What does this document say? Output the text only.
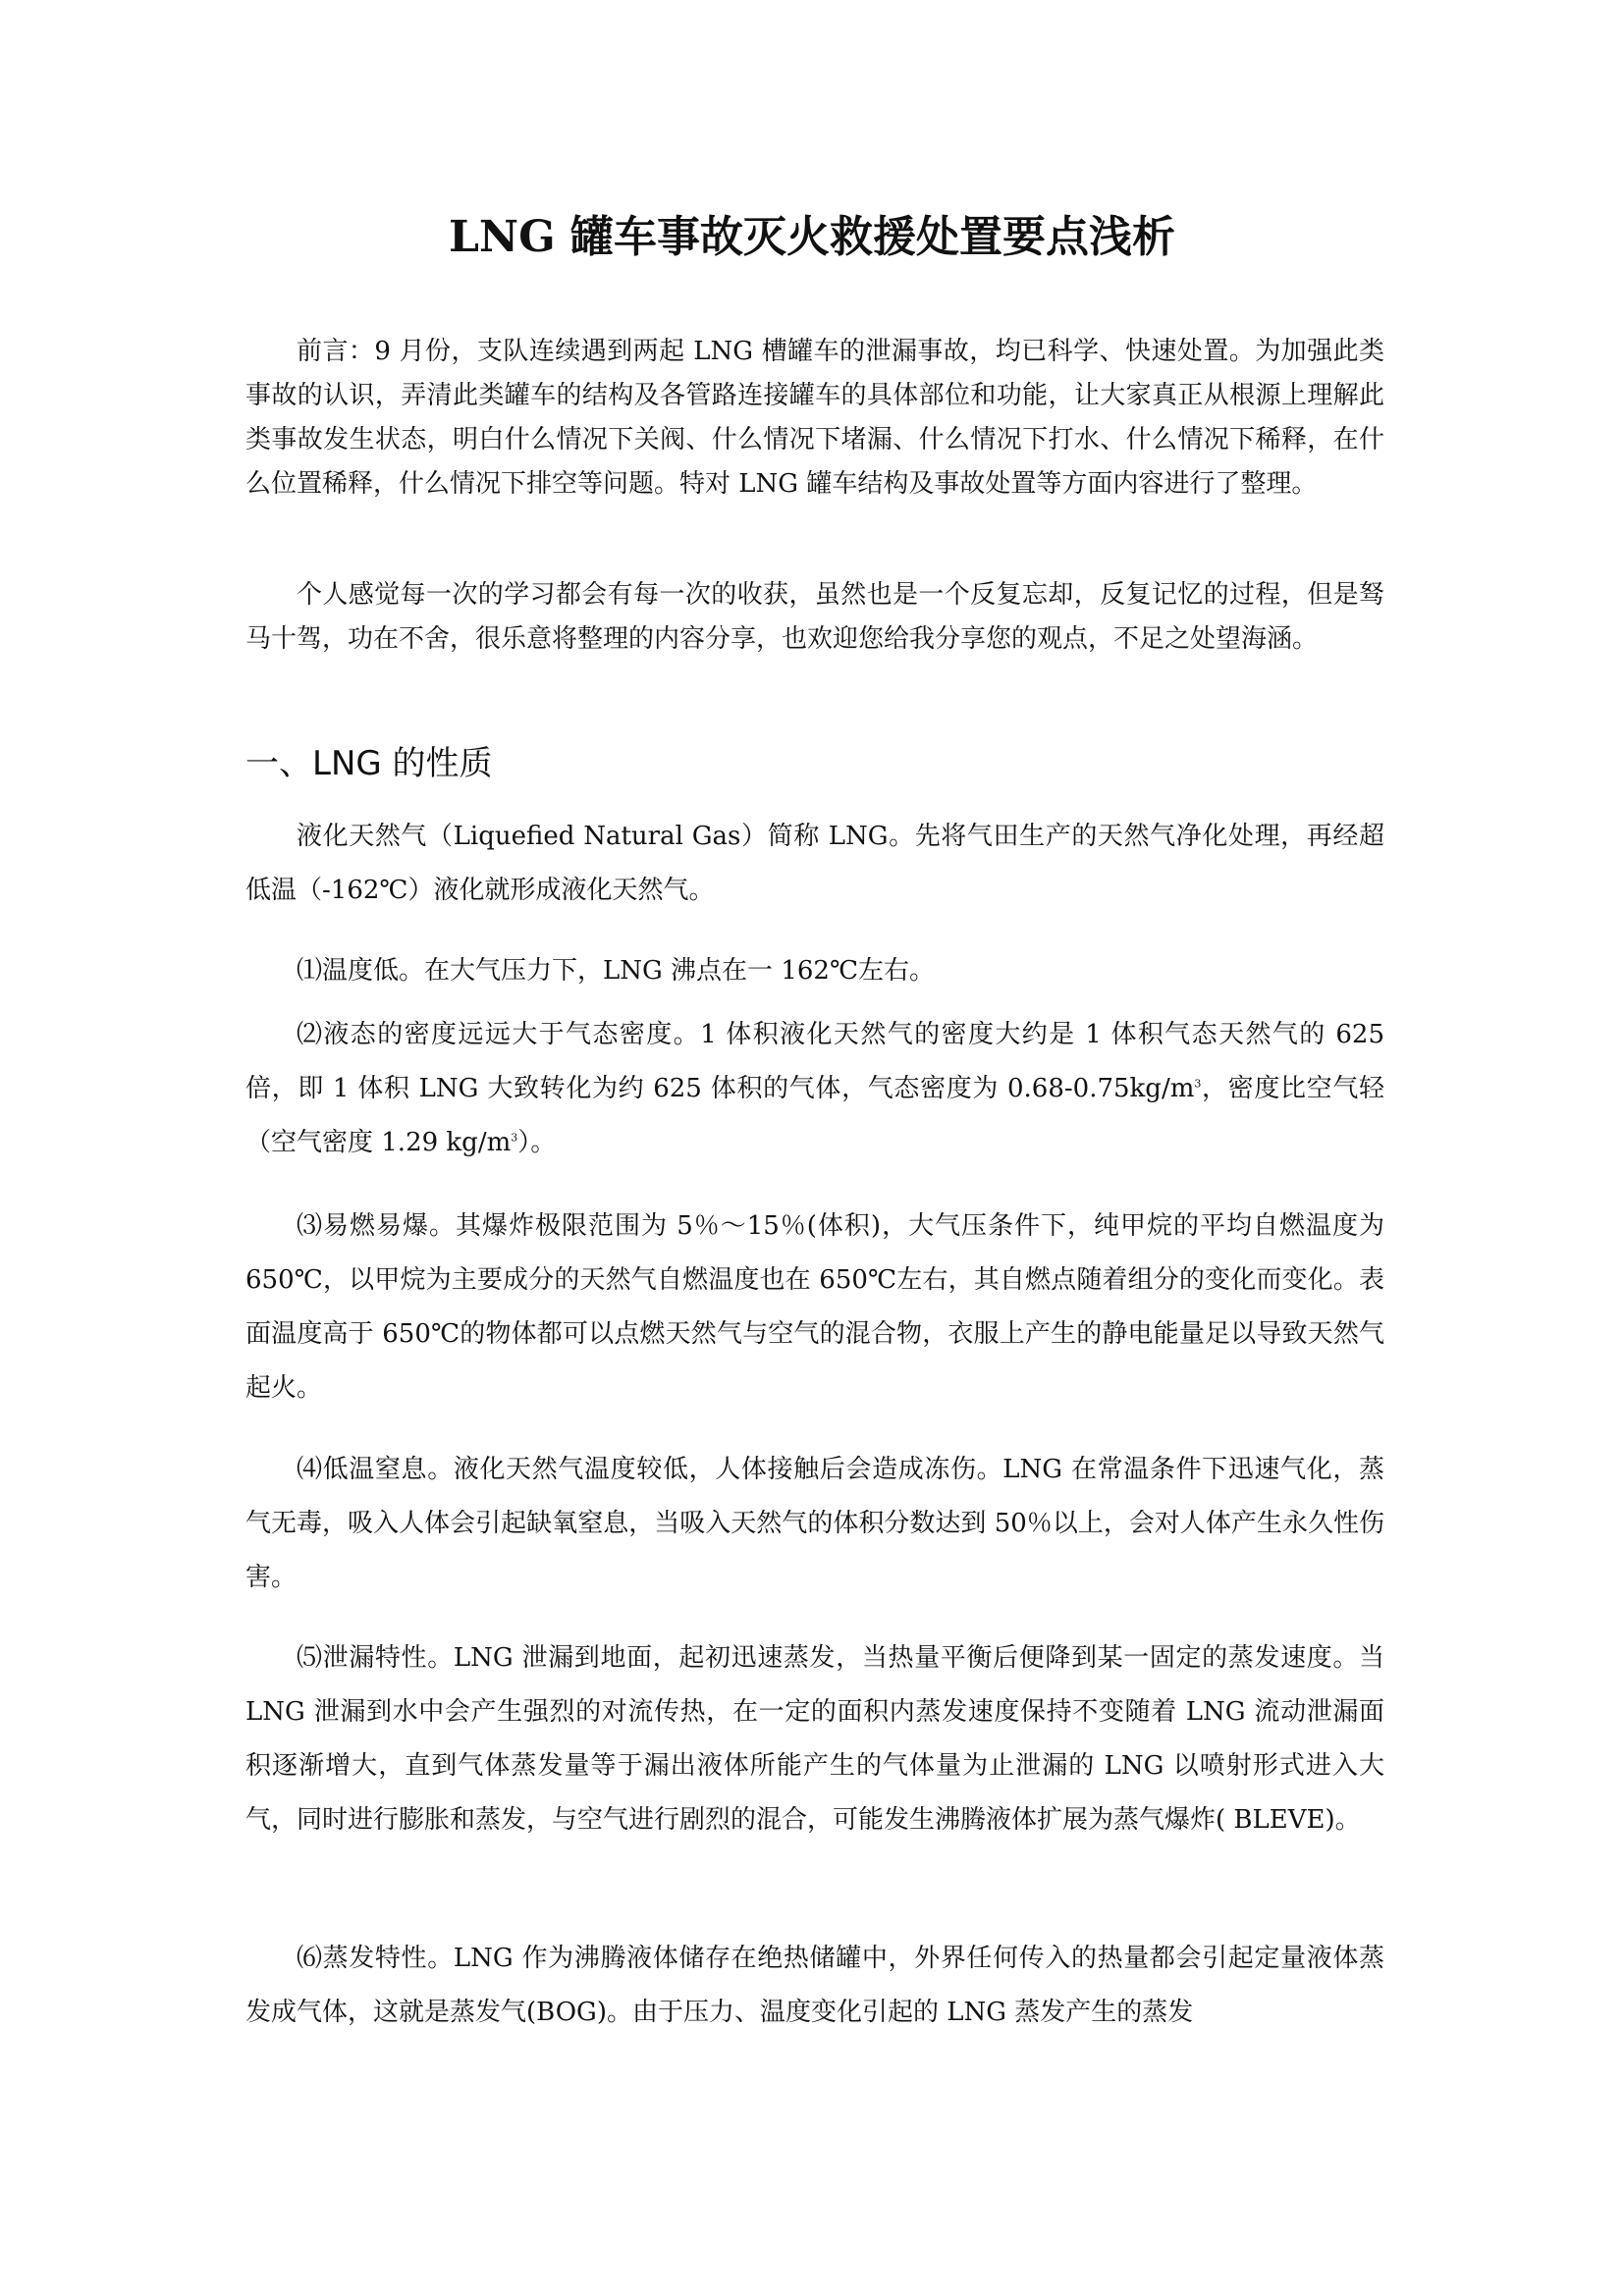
LNG 罐车事故灭火救援处置要点浅析

前言：9 月份，支队连续遇到两起 LNG 槽罐车的泄漏事故，均已科学、快速处置。为加强此类事故的认识，弄清此类罐车的结构及各管路连接罐车的具体部位和功能，让大家真正从根源上理解此类事故发生状态，明白什么情况下关阀、什么情况下堵漏、什么情况下打水、什么情况下稀释，在什么位置稀释，什么情况下排空等问题。特对 LNG 罐车结构及事故处置等方面内容进行了整理。

个人感觉每一次的学习都会有每一次的收获，虽然也是一个反复忘却，反复记忆的过程，但是驽马十驾，功在不舍，很乐意将整理的内容分享，也欢迎您给我分享您的观点，不足之处望海涵。

一、LNG 的性质

液化天然气（Liquefied Natural Gas）简称 LNG。先将气田生产的天然气净化处理，再经超低温（-162℃）液化就形成液化天然气。

⑴温度低。在大气压力下，LNG 沸点在一 162℃左右。

⑵液态的密度远远大于气态密度。1 体积液化天然气的密度大约是 1 体积气态天然气的 625 倍，即 1 体积 LNG 大致转化为约 625 体积的气体，气态密度为 $0.68-0.75kg/m^3$，密度比空气轻（空气密度 1.29 $kg/m^3$）。

⑶易燃易爆。其爆炸极限范围为 5％～15％(体积)，大气压条件下，纯甲烷的平均自燃温度为 650℃，以甲烷为主要成分的天然气自燃温度也在 650℃左右，其自燃点随着组分的变化而变化。表面温度高于 650℃的物体都可以点燃天然气与空气的混合物，衣服上产生的静电能量足以导致天然气起火。

⑷低温窒息。液化天然气温度较低，人体接触后会造成冻伤。LNG 在常温条件下迅速气化，蒸气无毒，吸入人体会引起缺氧窒息，当吸入天然气的体积分数达到 50％以上，会对人体产生永久性伤害。

⑸泄漏特性。LNG 泄漏到地面，起初迅速蒸发，当热量平衡后便降到某一固定的蒸发速度。当 LNG 泄漏到水中会产生强烈的对流传热，在一定的面积内蒸发速度保持不变随着 LNG 流动泄漏面积逐渐增大，直到气体蒸发量等于漏出液体所能产生的气体量为止泄漏的 LNG 以喷射形式进入大气，同时进行膨胀和蒸发，与空气进行剧烈的混合，可能发生沸腾液体扩展为蒸气爆炸( BLEVE)。

⑹蒸发特性。LNG 作为沸腾液体储存在绝热储罐中，外界任何传入的热量都会引起定量液体蒸发成气体，这就是蒸发气(BOG)。由于压力、温度变化引起的 LNG 蒸发产生的蒸发
